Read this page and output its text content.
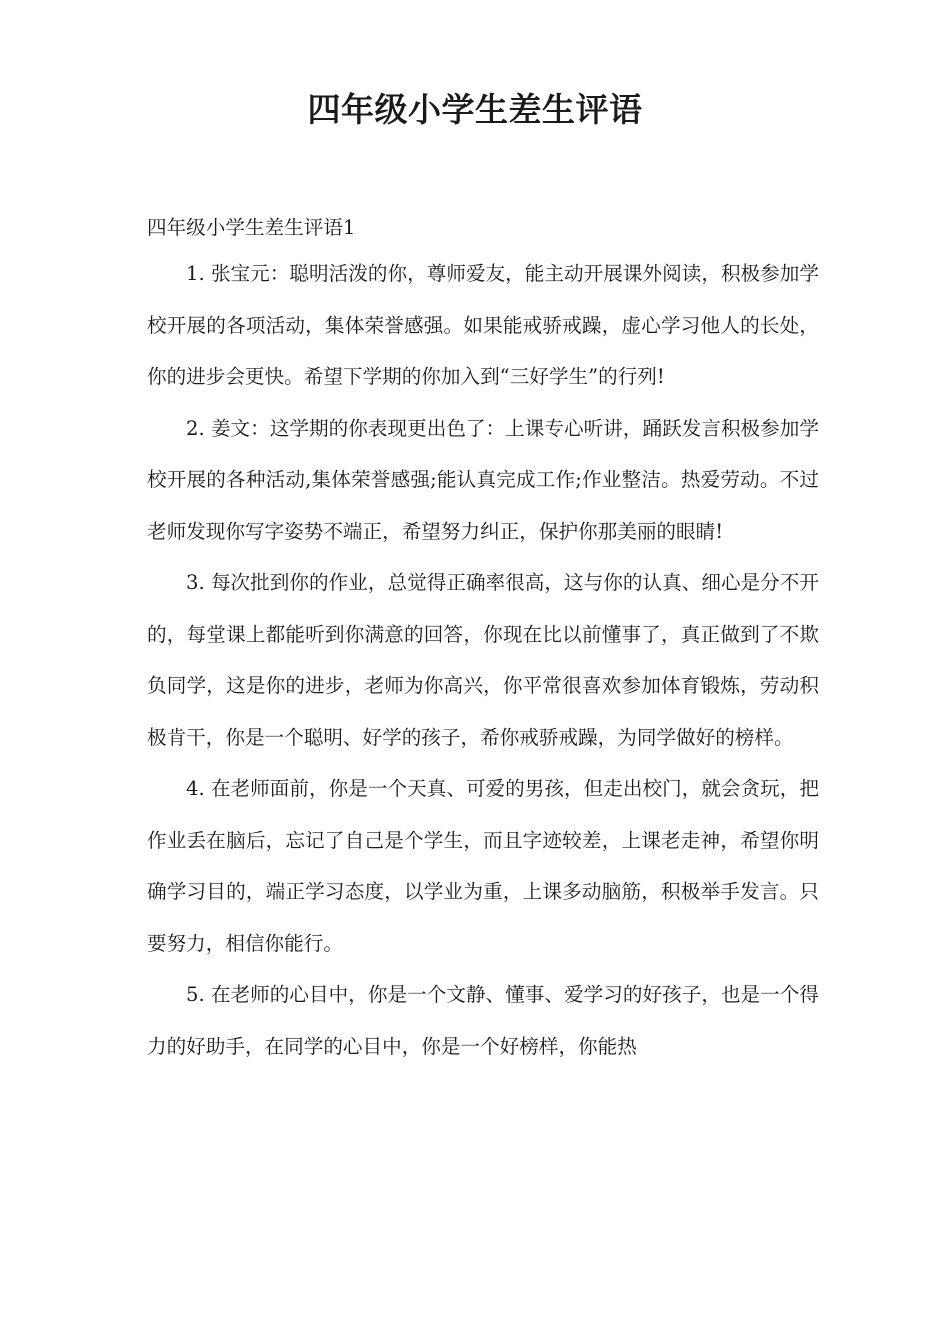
四年级小学生差生评语

四年级小学生差生评语1

1. 张宝元：聪明活泼的你，尊师爱友，能主动开展课外阅读，积极参加学校开展的各项活动，集体荣誉感强。如果能戒骄戒躁，虚心学习他人的长处，你的进步会更快。希望下学期的你加入到“三好学生”的行列!

2. 姜文：这学期的你表现更出色了：上课专心听讲，踊跃发言积极参加学校开展的各种活动,集体荣誉感强;能认真完成工作;作业整洁。热爱劳动。不过老师发现你写字姿势不端正，希望努力纠正，保护你那美丽的眼睛!

3. 每次批到你的作业，总觉得正确率很高，这与你的认真、细心是分不开的，每堂课上都能听到你满意的回答，你现在比以前懂事了，真正做到了不欺负同学，这是你的进步，老师为你高兴，你平常很喜欢参加体育锻炼，劳动积极肯干，你是一个聪明、好学的孩子，希你戒骄戒躁，为同学做好的榜样。

4. 在老师面前，你是一个天真、可爱的男孩，但走出校门，就会贪玩，把作业丢在脑后，忘记了自己是个学生，而且字迹较差，上课老走神，希望你明确学习目的，端正学习态度，以学业为重，上课多动脑筋，积极举手发言。只要努力，相信你能行。

5. 在老师的心目中，你是一个文静、懂事、爱学习的好孩子，也是一个得力的好助手，在同学的心目中，你是一个好榜样，你能热
